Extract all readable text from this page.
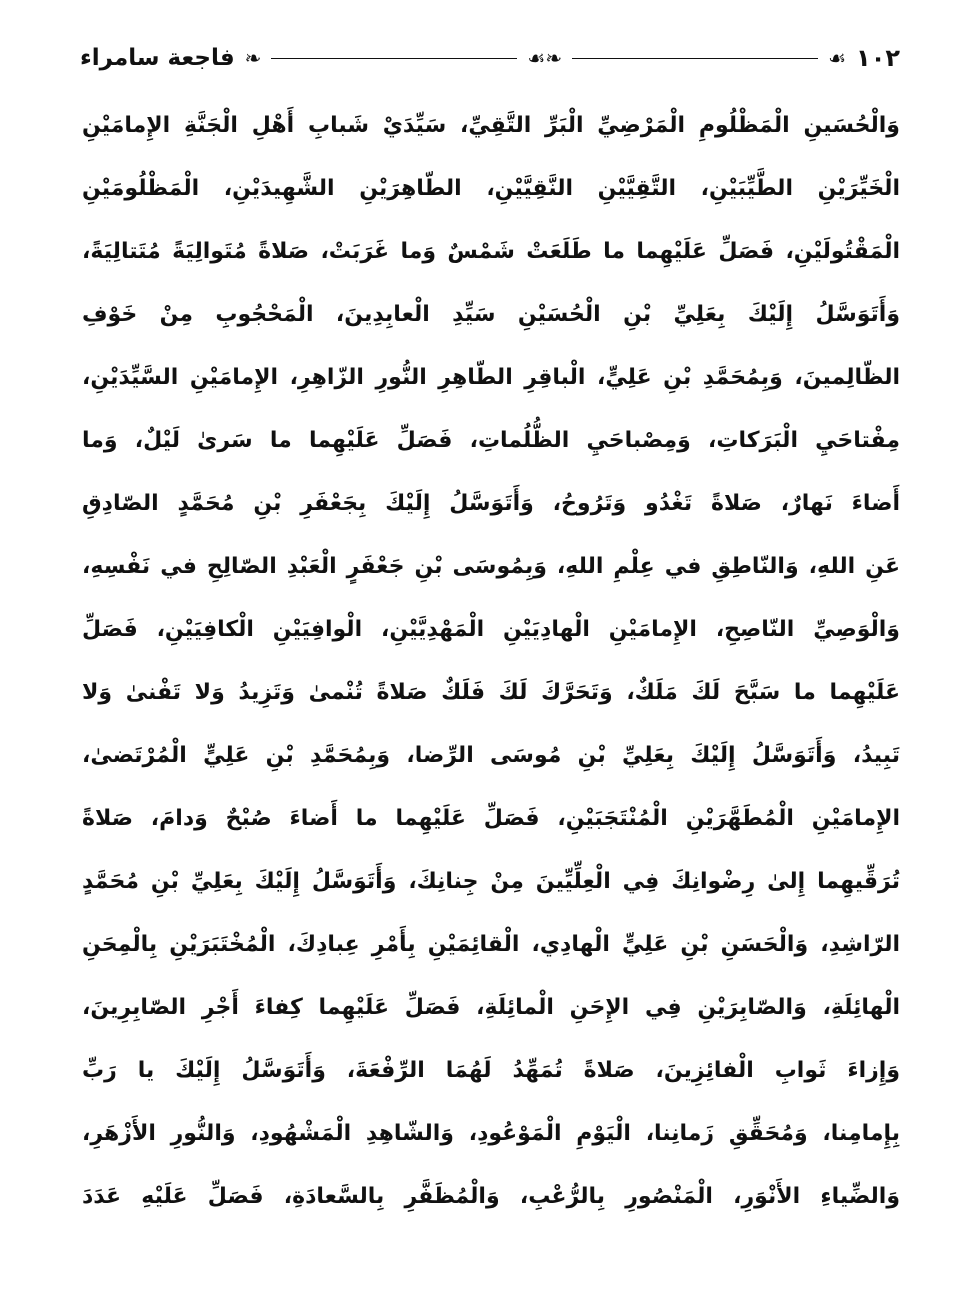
١٠٢
☙
❧☙
❧
فاجعة سامراء
وَالْحُسَينِ الْمَظْلُومِ الْمَرْضِيِّ الْبَرِّ التَّقِيِّ، سَيِّدَيْ شَبابِ أَهْلِ الْجَنَّةِ الإِمامَيْنِ
الْخَيِّرَيْنِ الطَّيِّبَيْنِ، التَّقِيَّيْنِ النَّقِيَّيْنِ، الطّاهِرَيْنِ الشَّهِيدَيْنِ، الْمَظْلُومَيْنِ
الْمَقْتُولَيْنِ، فَصَلِّ عَلَيْهِما ما طَلَعَتْ شَمْسٌ وَما غَرَبَتْ، صَلاةً مُتَوالِيَةً مُتَتالِيَةً،
وَأَتَوَسَّلُ إِلَيْكَ بِعَلِيِّ بْنِ الْحُسَيْنِ سَيِّدِ الْعابِدِينَ، الْمَحْجُوبِ مِنْ خَوْفِ
الظّالِمينَ، وَبِمُحَمَّدِ بْنِ عَلِيٍّ، الْباقِرِ الطّاهِرِ النُّورِ الزّاهِرِ، الإِمامَيْنِ السَّيِّدَيْنِ،
مِفْتاحَيِ الْبَرَكاتِ، وَمِصْباحَيِ الظُّلُماتِ، فَصَلِّ عَلَيْهِما ما سَرىٰ لَيْلٌ، وَما
أَضاءَ نَهارٌ، صَلاةً تَغْدُو وَتَرُوحُ، وَأَتَوَسَّلُ إِلَيْكَ بِجَعْفَرِ بْنِ مُحَمَّدٍ الصّادِقِ
عَنِ اللهِ، وَالنّاطِقِ في عِلْمِ اللهِ، وَبِمُوسَى بْنِ جَعْفَرٍ الْعَبْدِ الصّالِحِ في نَفْسِهِ،
وَالْوَصِيِّ النّاصِحِ، الإِمامَيْنِ الْهادِيَيْنِ الْمَهْدِيَّيْنِ، الْوافِيَيْنِ الْكافِيَيْنِ، فَصَلِّ
عَلَيْهِما ما سَبَّحَ لَكَ مَلَكٌ، وَتَحَرَّكَ لَكَ فَلَكٌ صَلاةً تُنْمىٰ وَتَزِيدُ وَلا تَفْنىٰ وَلا
تَبِيدُ، وَأَتَوَسَّلُ إِلَيْكَ بِعَلِيِّ بْنِ مُوسَى الرِّضا، وَبِمُحَمَّدِ بْنِ عَلِيٍّ الْمُرْتَضىٰ،
الإِمامَيْنِ الْمُطَهَّرَيْنِ الْمُنْتَجَبَيْنِ، فَصَلِّ عَلَيْهِما ما أَضاءَ صُبْحٌ وَدامَ، صَلاةً
تُرَقِّيهِما إِلىٰ رِضْوانِكَ فِي الْعِلِّيِّينَ مِنْ جِنانِكَ، وَأَتَوَسَّلُ إِلَيْكَ بِعَلِيِّ بْنِ مُحَمَّدٍ
الرّاشِدِ، وَالْحَسَنِ بْنِ عَلِيٍّ الْهادِي، الْقائِمَيْنِ بِأَمْرِ عِبادِكَ، الْمُخْتَبَرَيْنِ بِالْمِحَنِ
الْهائِلَةِ، وَالصّابِرَيْنِ فِي الإِحَنِ الْمائِلَةِ، فَصَلِّ عَلَيْهِما كِفاءَ أَجْرِ الصّابِرِينَ،
وَإِزاءَ ثَوابِ الْفائِزِينَ، صَلاةً تُمَهِّدُ لَهُمَا الرِّفْعَةَ، وَأَتَوَسَّلُ إِلَيْكَ يا رَبِّ
بِإِمامِنا، وَمُحَقِّقِ زَمانِنا، الْيَوْمِ الْمَوْعُودِ، وَالشّاهِدِ الْمَشْهُودِ، وَالنُّورِ الأَزْهَرِ،
وَالضِّياءِ الأَنْوَرِ، الْمَنْصُورِ بِالرُّعْبِ، وَالْمُظَفَّرِ بِالسَّعادَةِ، فَصَلِّ عَلَيْهِ عَدَدَ
